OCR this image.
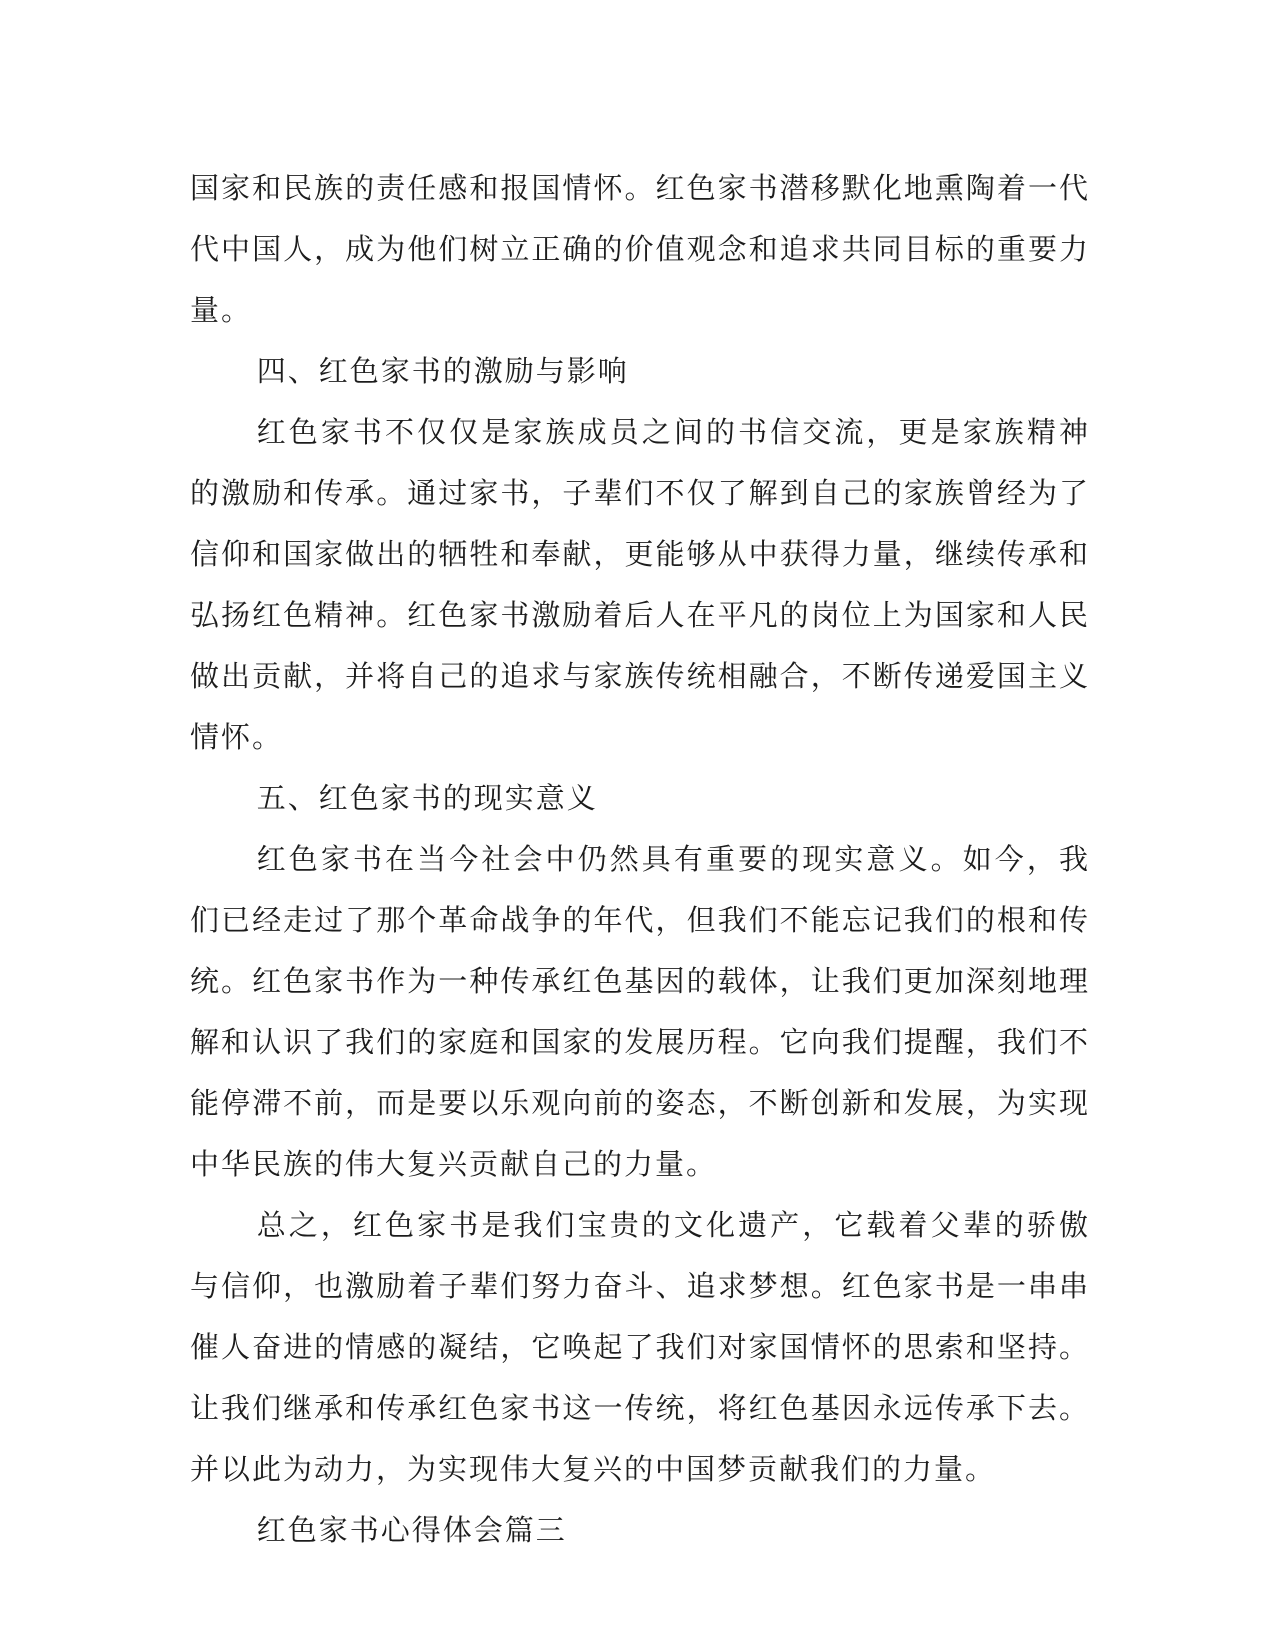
国家和民族的责任感和报国情怀。红色家书潜移默化地熏陶着一代代中国人，成为他们树立正确的价值观念和追求共同目标的重要力量。

四、红色家书的激励与影响

红色家书不仅仅是家族成员之间的书信交流，更是家族精神的激励和传承。通过家书，子辈们不仅了解到自己的家族曾经为了信仰和国家做出的牺牲和奉献，更能够从中获得力量，继续传承和弘扬红色精神。红色家书激励着后人在平凡的岗位上为国家和人民做出贡献，并将自己的追求与家族传统相融合，不断传递爱国主义情怀。

五、红色家书的现实意义

红色家书在当今社会中仍然具有重要的现实意义。如今，我们已经走过了那个革命战争的年代，但我们不能忘记我们的根和传统。红色家书作为一种传承红色基因的载体，让我们更加深刻地理解和认识了我们的家庭和国家的发展历程。它向我们提醒，我们不能停滞不前，而是要以乐观向前的姿态，不断创新和发展，为实现中华民族的伟大复兴贡献自己的力量。

总之，红色家书是我们宝贵的文化遗产，它载着父辈的骄傲与信仰，也激励着子辈们努力奋斗、追求梦想。红色家书是一串串催人奋进的情感的凝结，它唤起了我们对家国情怀的思索和坚持。让我们继承和传承红色家书这一传统，将红色基因永远传承下去。并以此为动力，为实现伟大复兴的中国梦贡献我们的力量。

红色家书心得体会篇三
